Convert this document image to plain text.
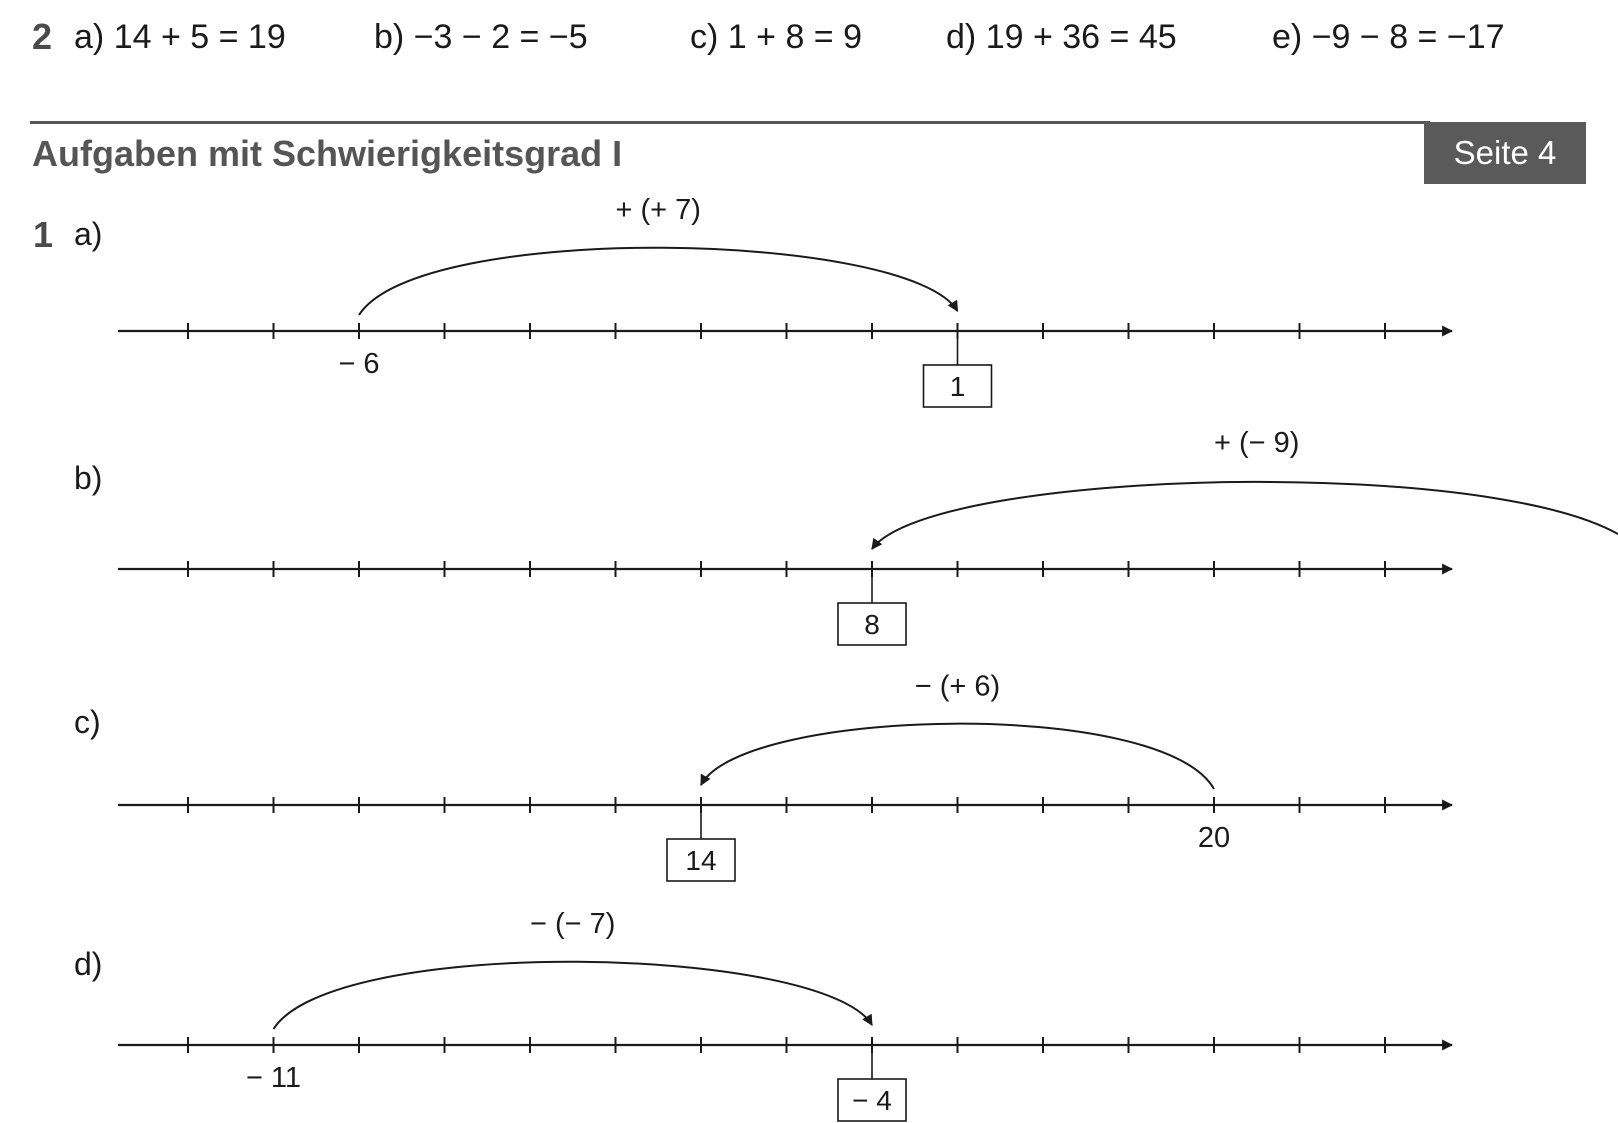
2 a) 14 + 5 = 19	b) −3 − 2 = −5	c) 1 + 8 = 9 d) 19 + 36 = 45	e) −9 − 8 = −17
Aufgaben mit Schwierigkeitsgrad I	Seite 4
1 a)
b)
c)
d)
+ (+ 7)
− 6
1
+ (− 9)
8
− (+ 6)
20
14
− (− 7)
− 11
− 4
